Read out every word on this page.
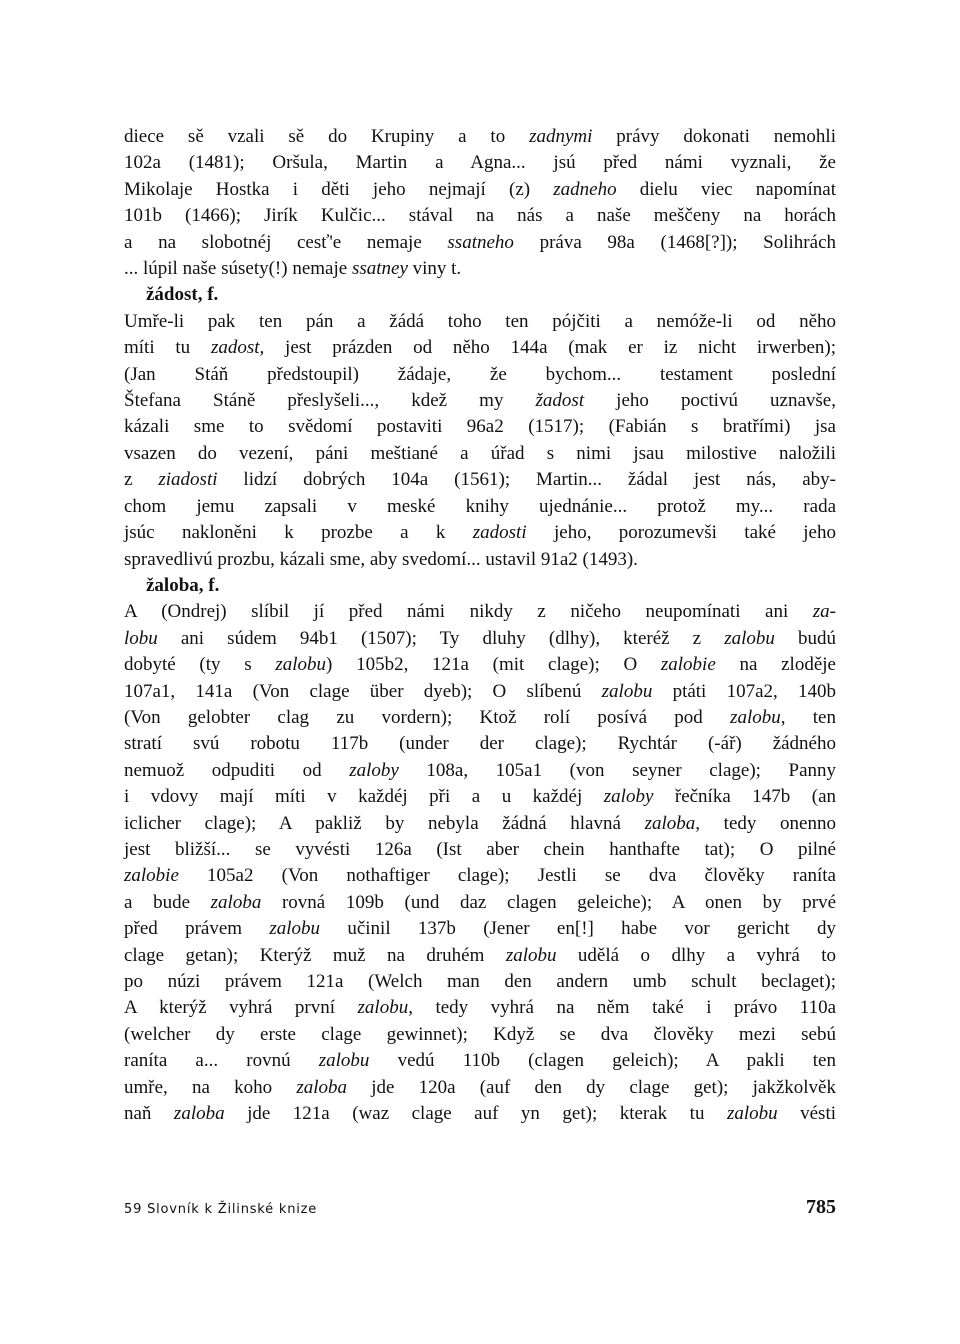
diece sě vzali sě do Krupiny a to zadnymi právy dokonati nemohli
102a (1481); Oršula, Martin a Agna... jsú před námi vyznali, že
Mikolaje Hostka i děti jeho nejmají (z) zadneho dielu viec napomínat
101b (1466); Jirík Kulčic... stával na nás a naše meščeny na horách
a na slobotnéj cesť'e nemaje ssatneho práva 98a (1468[?]); Solihrách
... lúpil naše súsety(!) nemaje ssatney viny t.
žádost, f.
Umře-li pak ten pán a žádá toho ten pójčiti a nemóže-li od něho
míti tu zadost, jest prázden od něho 144a (mak er iz nicht irwerben);
(Jan Stáň předstoupil) žádaje, že bychom... testament poslední
Štefana Stáně přeslyšeli..., kdež my žadost jeho poctivú uznavše,
kázali sme to svědomí postaviti 96a2 (1517); (Fabián s bratřími) jsa
vsazen do vezení, páni meštiané a úřad s nimi jsau milostive naložili
z ziadosti lidzí dobrých 104a (1561); Martin... žádal jest nás, aby-
chom jemu zapsali v meské knihy ujednánie... protož my... rada
jsúc nakloněni k prozbe a k zadosti jeho, porozumevši také jeho
spravedlivú prozbu, kázali sme, aby svedomí... ustavil 91a2 (1493).
žaloba, f.
A (Ondrej) slíbil jí před námi nikdy z ničeho neupomínati ani za-
lobu ani súdem 94b1 (1507); Ty dluhy (dlhy), kteréž z zalobu budú
dobyté (ty s zalobu) 105b2, 121a (mit clage); O zalobie na zloděje
107a1, 141a (Von clage über dyeb); O slíbenú zalobu ptáti 107a2, 140b
(Von gelobter clag zu vordern); Ktož rolí posívá pod zalobu, ten
stratí svú robotu 117b (under der clage); Rychtár (-ář) žádného
nemuož odpuditi od zaloby 108a, 105a1 (von seyner clage); Panny
i vdovy mají míti v každéj při a u každéj zaloby řečníka 147b (an
iclicher clage); A pakliž by nebyla žádná hlavná zaloba, tedy onenno
jest bližší... se vyvésti 126a (Ist aber chein hanthafte tat); O pilné
zalobie 105a2 (Von nothaftiger clage); Jestli se dva člověky raníta
a bude zaloba rovná 109b (und daz clagen geleiche); A onen by prvé
před právem zalobu učinil 137b (Jener en[!] habe vor gericht dy
clage getan); Kterýž muž na druhém zalobu udělá o dlhy a vyhrá to
po núzi právem 121a (Welch man den andern umb schult beclaget);
A kterýž vyhrá první zalobu, tedy vyhrá na něm také i právo 110a
(welcher dy erste clage gewinnet); Když se dva člověky mezi sebú
raníta a... rovnú zalobu vedú 110b (clagen geleich); A pakli ten
umře, na koho zaloba jde 120a (auf den dy clage get); jakžkolvěk
naň zaloba jde 121a (waz clage auf yn get); kterak tu zalobu vésti
59 Slovník k Žilinské knize	785
